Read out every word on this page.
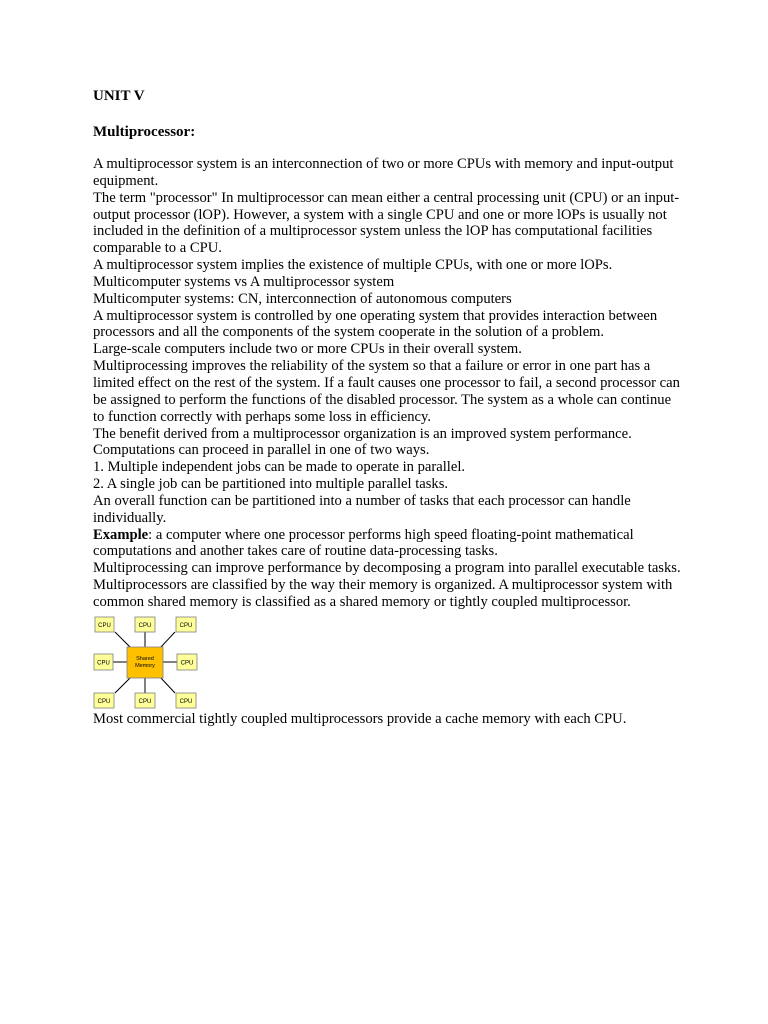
UNIT V
Multiprocessor:

A multiprocessor system is an interconnection of two or more CPUs with memory and input-output equipment.

The term "processor" In multiprocessor can mean either a central processing unit (CPU) or an input-output processor (lOP). However, a system with a single CPU and one or more lOPs is usually not included in the definition of a multiprocessor system unless the lOP has computational facilities comparable to a CPU.

A multiprocessor system implies the existence of multiple CPUs, with one or more lOPs.

Multicomputer systems vs A multiprocessor system

Multicomputer systems: CN, interconnection of autonomous computers

A multiprocessor system is controlled by one operating system that provides interaction between processors and all the components of the system cooperate in the solution of a problem.

Large-scale computers include two or more CPUs in their overall system.

Multiprocessing improves the reliability of the system so that a failure or error in one part has a limited effect on the rest of the system. If a fault causes one processor to fail, a second processor can be assigned to perform the functions of the disabled processor. The system as a whole can continue to function correctly with perhaps some loss in efficiency.

The benefit derived from a multiprocessor organization is an improved system performance.

Computations can proceed in parallel in one of two ways.

1. Multiple independent jobs can be made to operate in parallel.

2. A single job can be partitioned into multiple parallel tasks.

An overall function can be partitioned into a number of tasks that each processor can handle individually.

Example: a computer where one processor performs high speed floating-point mathematical computations and another takes care of routine data-processing tasks.

Multiprocessing can improve performance by decomposing a program into parallel executable tasks.

Multiprocessors are classified by the way their memory is organized. A multiprocessor system with common shared memory is classified as a shared memory or tightly coupled multiprocessor.

CPU	CPU	CPU
CPU	CPU
CPU	CPU	CPU
Shared
Memory

Most commercial tightly coupled multiprocessors provide a cache memory with each CPU.
